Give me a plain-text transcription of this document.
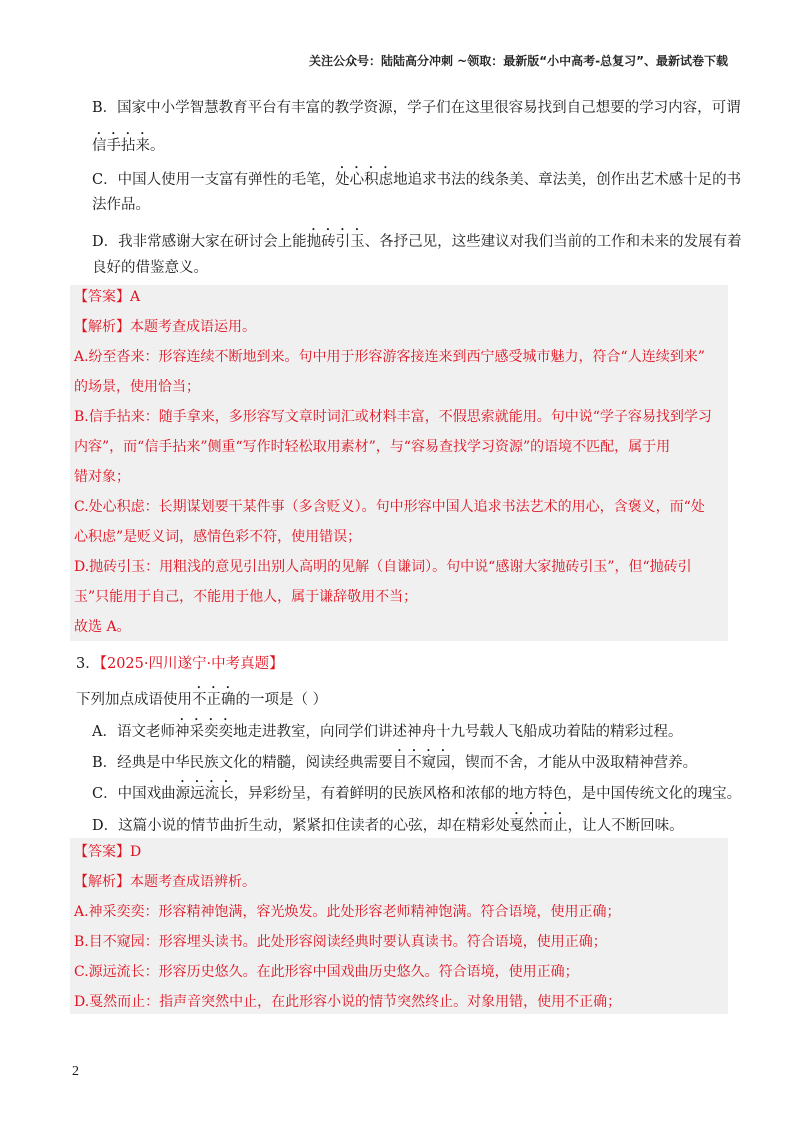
关注公众号：陆陆高分冲刺 ~领取：最新版“小中高考-总复习”、最新试卷下载
B．国家中小学智慧教育平台有丰富的教学资源，学子们在这里很容易找到自己想要的学习内容，可谓
信手拈来。
C．中国人使用一支富有弹性的毛笔，处心积虑地追求书法的线条美、章法美，创作出艺术感十足的书
法作品。
D．我非常感谢大家在研讨会上能抛砖引玉、各抒己见，这些建议对我们当前的工作和未来的发展有着
良好的借鉴意义。
【答案】A
【解析】本题考查成语运用。
A.纷至沓来：形容连续不断地到来。句中用于形容游客接连来到西宁感受城市魅力，符合“人连续到来”
的场景，使用恰当；
B.信手拈来：随手拿来，多形容写文章时词汇或材料丰富，不假思索就能用。句中说“学子容易找到学习
内容”，而“信手拈来”侧重“写作时轻松取用素材”，与“容易查找学习资源”的语境不匹配，属于用
错对象；
C.处心积虑：长期谋划要干某件事（多含贬义）。句中形容中国人追求书法艺术的用心，含褒义，而“处
心积虑”是贬义词，感情色彩不符，使用错误；
D.抛砖引玉：用粗浅的意见引出别人高明的见解（自谦词）。句中说“感谢大家抛砖引玉”，但“抛砖引
玉”只能用于自己，不能用于他人，属于谦辞敬用不当；
故选 A。
3．【2025·四川遂宁·中考真题】
下列加点成语使用不正确的一项是（ ）
A．语文老师神采奕奕地走进教室，向同学们讲述神舟十九号载人飞船成功着陆的精彩过程。
B．经典是中华民族文化的精髓，阅读经典需要目不窥园，锲而不舍，才能从中汲取精神营养。
C．中国戏曲源远流长，异彩纷呈，有着鲜明的民族风格和浓郁的地方特色，是中国传统文化的瑰宝。
D．这篇小说的情节曲折生动，紧紧扣住读者的心弦，却在精彩处戛然而止，让人不断回味。
【答案】D
【解析】本题考查成语辨析。
A.神采奕奕：形容精神饱满，容光焕发。此处形容老师精神饱满。符合语境，使用正确；
B.目不窥园：形容埋头读书。此处形容阅读经典时要认真读书。符合语境，使用正确；
C.源远流长：形容历史悠久。在此形容中国戏曲历史悠久。符合语境，使用正确；
D.戛然而止：指声音突然中止，在此形容小说的情节突然终止。对象用错，使用不正确；
2
